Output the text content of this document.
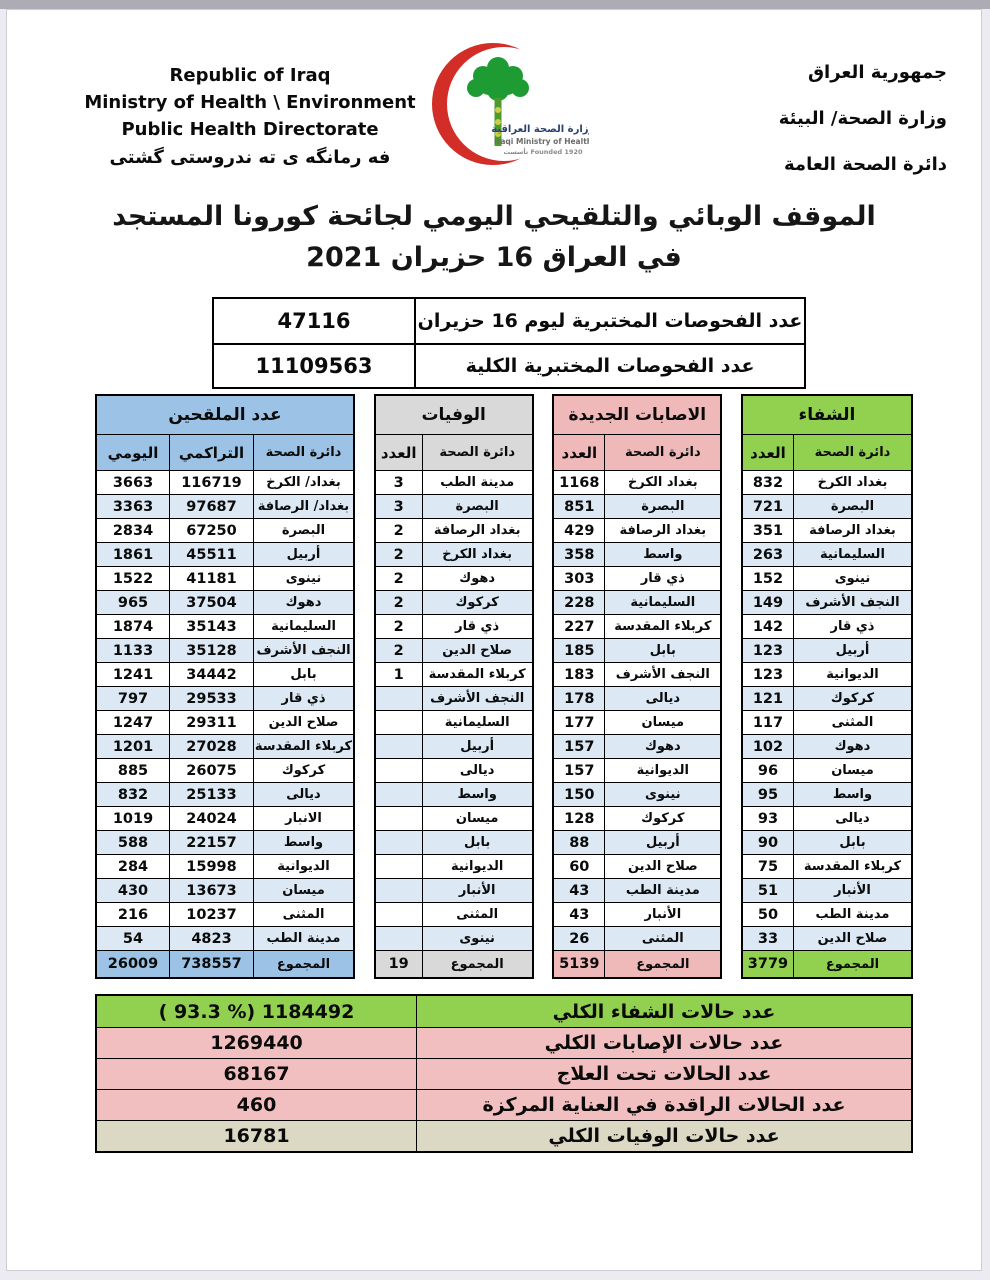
Republic of Iraq
Ministry of Health \ Environment
Public Health Directorate
فه رمانگه ى ته ندروستى گشتى
وزارة الصحة العراقية
Iraqi Ministry of Health
تأسست Founded 1920
جمهورية العراق
وزارة الصحة/ البيئة
دائرة الصحة العامة
الموقف الوبائي والتلقيحي اليومي لجائحة كورونا المستجد
في العراق 16 حزيران 2021
47116	عدد الفحوصات المختبرية ليوم 16 حزيران
11109563	عدد الفحوصات المختبرية الكلية
عدد الملقحين
اليومي	التراكمي	دائرة الصحة
3663	116719	بغداد/ الكرخ
3363	97687	بغداد/ الرصافة
2834	67250	البصرة
1861	45511	أربيل
1522	41181	نينوى
965	37504	دهوك
1874	35143	السليمانية
1133	35128	النجف الأشرف
1241	34442	بابل
797	29533	ذي قار
1247	29311	صلاح الدين
1201	27028	كربلاء المقدسة
885	26075	كركوك
832	25133	ديالى
1019	24024	الانبار
588	22157	واسط
284	15998	الديوانية
430	13673	ميسان
216	10237	المثنى
54	4823	مدينة الطب
26009	738557	المجموع
الوفيات
العدد	دائرة الصحة
3	مدينة الطب
3	البصرة
2	بغداد الرصافة
2	بغداد الكرخ
2	دهوك
2	كركوك
2	ذي قار
2	صلاح الدين
1	كربلاء المقدسة
النجف الأشرف
السليمانية
أربيل
ديالى
واسط
ميسان
بابل
الديوانية
الأنبار
المثنى
نينوى
19	المجموع
الاصابات الجديدة
العدد	دائرة الصحة
1168	بغداد الكرخ
851	البصرة
429	بغداد الرصافة
358	واسط
303	ذي قار
228	السليمانية
227	كربلاء المقدسة
185	بابل
183	النجف الأشرف
178	ديالى
177	ميسان
157	دهوك
157	الديوانية
150	نينوى
128	كركوك
88	أربيل
60	صلاح الدين
43	مدينة الطب
43	الأنبار
26	المثنى
5139	المجموع
الشفاء
العدد	دائرة الصحة
832	بغداد الكرخ
721	البصرة
351	بغداد الرصافة
263	السليمانية
152	نينوى
149	النجف الأشرف
142	ذي قار
123	أربيل
123	الديوانية
121	كركوك
117	المثنى
102	دهوك
96	ميسان
95	واسط
93	ديالى
90	بابل
75	كربلاء المقدسة
51	الأنبار
50	مدينة الطب
33	صلاح الدين
3779	المجموع
( 93.3 %) 1184492	عدد حالات الشفاء الكلي
1269440	عدد حالات الإصابات الكلي
68167	عدد الحالات تحت العلاج
460	عدد الحالات الراقدة في العناية المركزة
16781	عدد حالات الوفيات الكلي
